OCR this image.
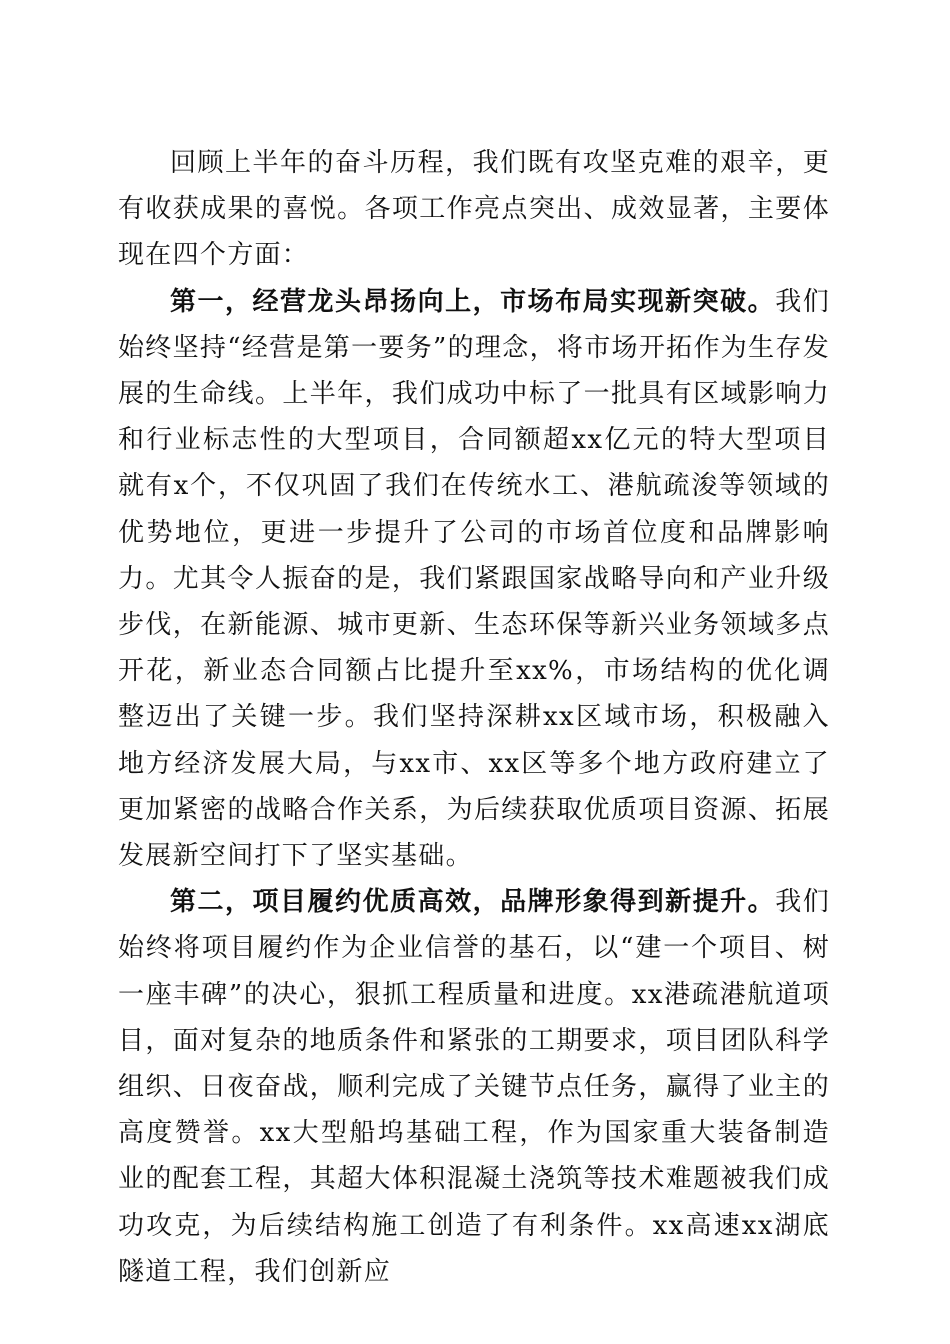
回顾上半年的奋斗历程，我们既有攻坚克难的艰辛，更有收获成果的喜悦。各项工作亮点突出、成效显著，主要体现在四个方面：

第一，经营龙头昂扬向上，市场布局实现新突破。我们始终坚持“经营是第一要务”的理念，将市场开拓作为生存发展的生命线。上半年，我们成功中标了一批具有区域影响力和行业标志性的大型项目，合同额超xx亿元的特大型项目就有x个，不仅巩固了我们在传统水工、港航疏浚等领域的优势地位，更进一步提升了公司的市场首位度和品牌影响力。尤其令人振奋的是，我们紧跟国家战略导向和产业升级步伐，在新能源、城市更新、生态环保等新兴业务领域多点开花，新业态合同额占比提升至xx%，市场结构的优化调整迈出了关键一步。我们坚持深耕xx区域市场，积极融入地方经济发展大局，与xx市、xx区等多个地方政府建立了更加紧密的战略合作关系，为后续获取优质项目资源、拓展发展新空间打下了坚实基础。

第二，项目履约优质高效，品牌形象得到新提升。我们始终将项目履约作为企业信誉的基石，以“建一个项目、树一座丰碑”的决心，狠抓工程质量和进度。xx港疏港航道项目，面对复杂的地质条件和紧张的工期要求，项目团队科学组织、日夜奋战，顺利完成了关键节点任务，赢得了业主的高度赞誉。xx大型船坞基础工程，作为国家重大装备制造业的配套工程，其超大体积混凝土浇筑等技术难题被我们成功攻克，为后续结构施工创造了有利条件。xx高速xx湖底隧道工程，我们创新应
